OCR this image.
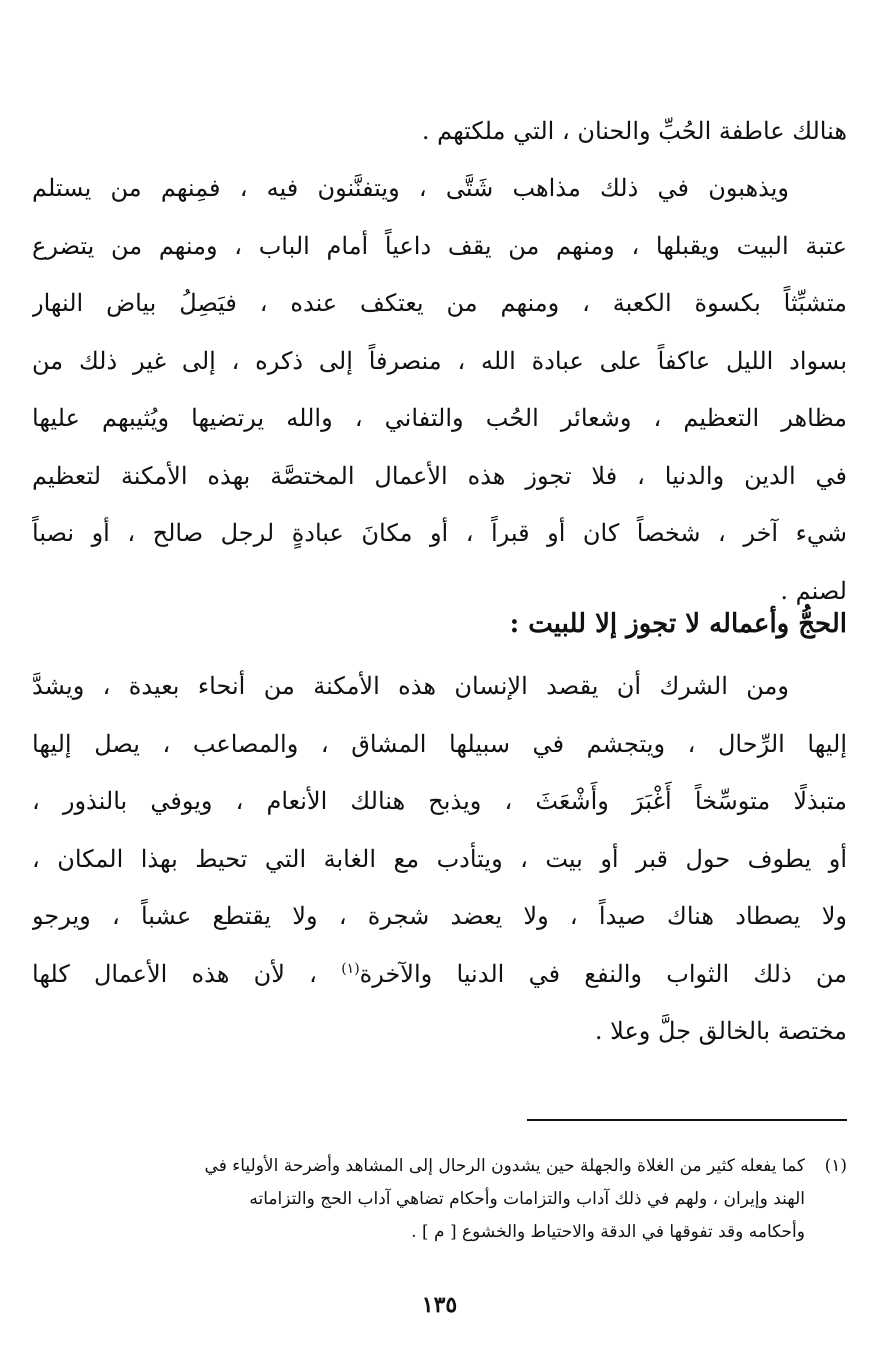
هنالك عاطفة الحُبِّ والحنان ، التي ملكتهم .
ويذهبون في ذلك مذاهب شَتَّى ، ويتفنَّنون فيه ، فمِنهم من يستلم
عتبة البيت ويقبلها ، ومنهم من يقف داعياً أمام الباب ، ومنهم من يتضرع
متشبِّثاً بكسوة الكعبة ، ومنهم من يعتكف عنده ، فيَصِلُ بياض النهار
بسواد الليل عاكفاً على عبادة الله ، منصرفاً إلى ذكره ، إلى غير ذلك من
مظاهر التعظيم ، وشعائر الحُب والتفاني ، والله يرتضيها ويُثيبهم عليها
في الدين والدنيا ، فلا تجوز هذه الأعمال المختصَّة بهذه الأمكنة لتعظيم
شيء آخر ، شخصاً كان أو قبراً ، أو مكانَ عبادةٍ لرجل صالح ، أو نصباً
لصنم .
الحجُّ وأعماله لا تجوز إلا للبيت :
ومن الشرك أن يقصد الإنسان هذه الأمكنة من أنحاء بعيدة ، ويشدَّ
إليها الرِّحال ، ويتجشم في سبيلها المشاق ، والمصاعب ، يصل إليها
متبذلًا متوسِّخاً أَغْبَرَ وأَشْعَثَ ، ويذبح هنالك الأنعام ، ويوفي بالنذور ،
أو يطوف حول قبر أو بيت ، ويتأدب مع الغابة التي تحيط بهذا المكان ،
ولا يصطاد هناك صيداً ، ولا يعضد شجرة ، ولا يقتطع عشباً ، ويرجو
من ذلك الثواب والنفع في الدنيا والآخرة$^{(١)}$ ، لأن هذه الأعمال كلها
مختصة بالخالق جلَّ وعلا .
(١)كما يفعله كثير من الغلاة والجهلة حين يشدون الرحال إلى المشاهد وأضرحة الأولياء في
الهند وإيران ، ولهم في ذلك آداب والتزامات وأحكام تضاهي آداب الحج والتزاماته
وأحكامه وقد تفوقها في الدقة والاحتياط والخشوع [ م ] .
١٣٥
